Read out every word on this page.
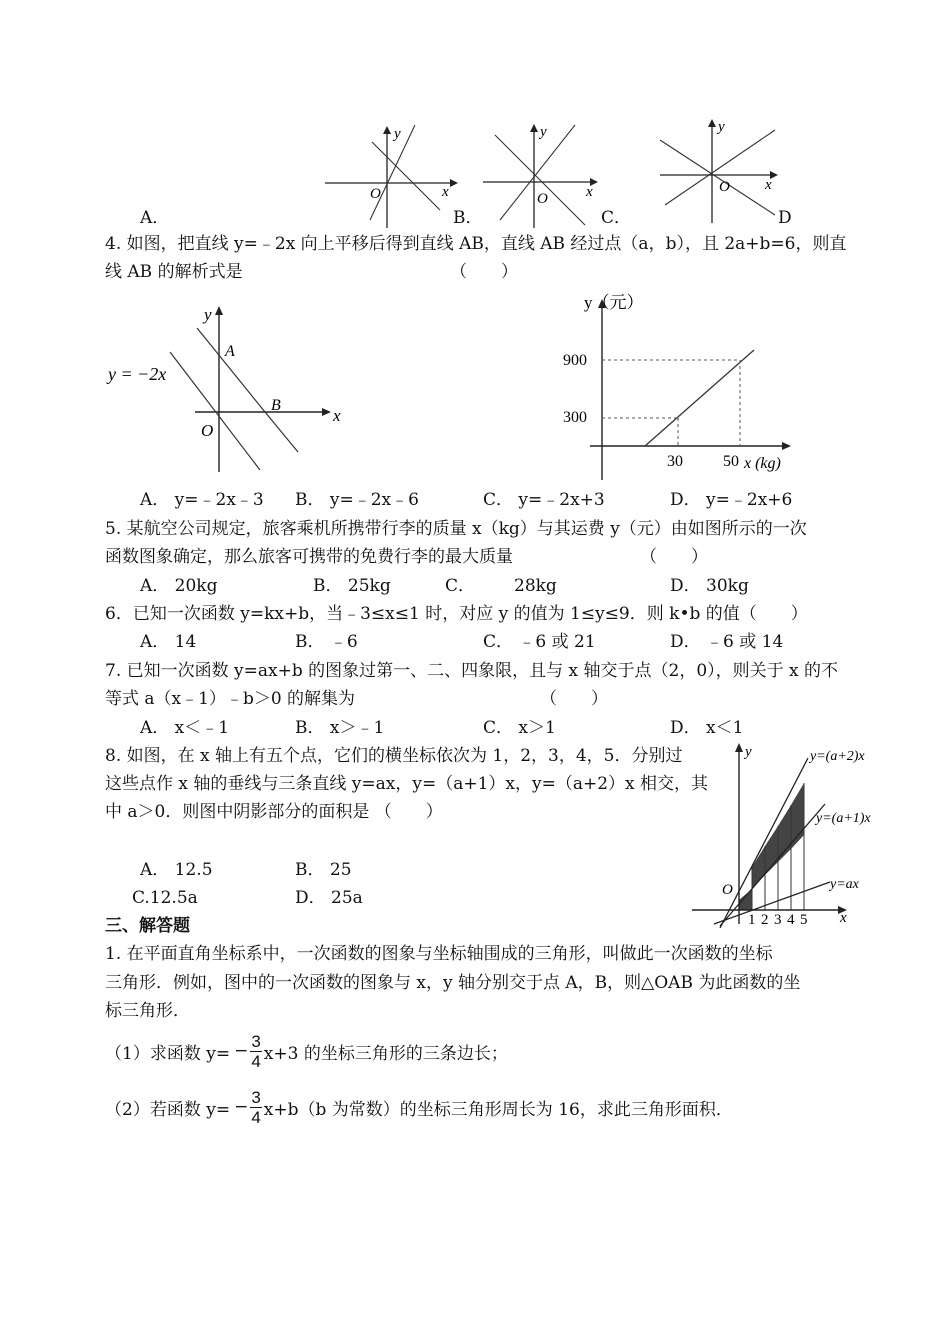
A．	B．	C．	D
y
x
O
y
x
O
y
x
O
4. 如图，把直线 y=﹣2x 向上平移后得到直线 AB，直线 AB 经过点（a，b），且 2a+b=6，则直
线 AB 的解析式是	（　　）
y
x
O
y = −2x
A
B
A． y=﹣2x﹣3 B． y=﹣2x﹣6	C． y=﹣2x+3	D． y=﹣2x+6
y（元）
900
300
30	50 x (kg)
5. 某航空公司规定，旅客乘机所携带行李的质量 x（kg）与其运费 y（元）由如图所示的一次
函数图象确定，那么旅客可携带的免费行李的最大质量	（　　）
A． 20kg	B． 25kg	C． 28kg	D． 30kg
6．已知一次函数 y=kx+b，当﹣3≤x≤1 时，对应 y 的值为 1≤y≤9．则 k•b 的值（　　）
A． 14	B． ﹣6	C． ﹣6 或 21	D． ﹣6 或 14
7. 已知一次函数 y=ax+b 的图象过第一、二、四象限，且与 x 轴交于点（2，0），则关于 x 的不
等式 a（x﹣1）﹣b＞0 的解集为	（　　）
A． x＜﹣1	B． x＞﹣1	C． x＞1	D． x＜1
8. 如图，在 x 轴上有五个点，它们的横坐标依次为 1，2，3，4，5．分别过
这些点作 x 轴的垂线与三条直线 y=ax，y=（a+1）x，y=（a+2）x 相交，其
中 a＞0．则图中阴影部分的面积是 （　　）
A． 12.5	B． 25
C.12.5a	D． 25a
y
x
O
y=(a+2)x
y=(a+1)x
y=ax
1 2 3 4 5
三、解答题
1. 在平面直角坐标系中，一次函数的图象与坐标轴围成的三角形，叫做此一次函数的坐标
三角形．例如，图中的一次函数的图象与 x，y 轴分别交于点 A，B，则△OAB 为此函数的坐
标三角形．
（1）求函数 $y= - \frac{3}{4} x+3$ 的坐标三角形的三条边长；
（2）若函数 $y= - \frac{3}{4} x+b(b$ 为常数）的坐标三角形周长为 16，求此三角形面积．
